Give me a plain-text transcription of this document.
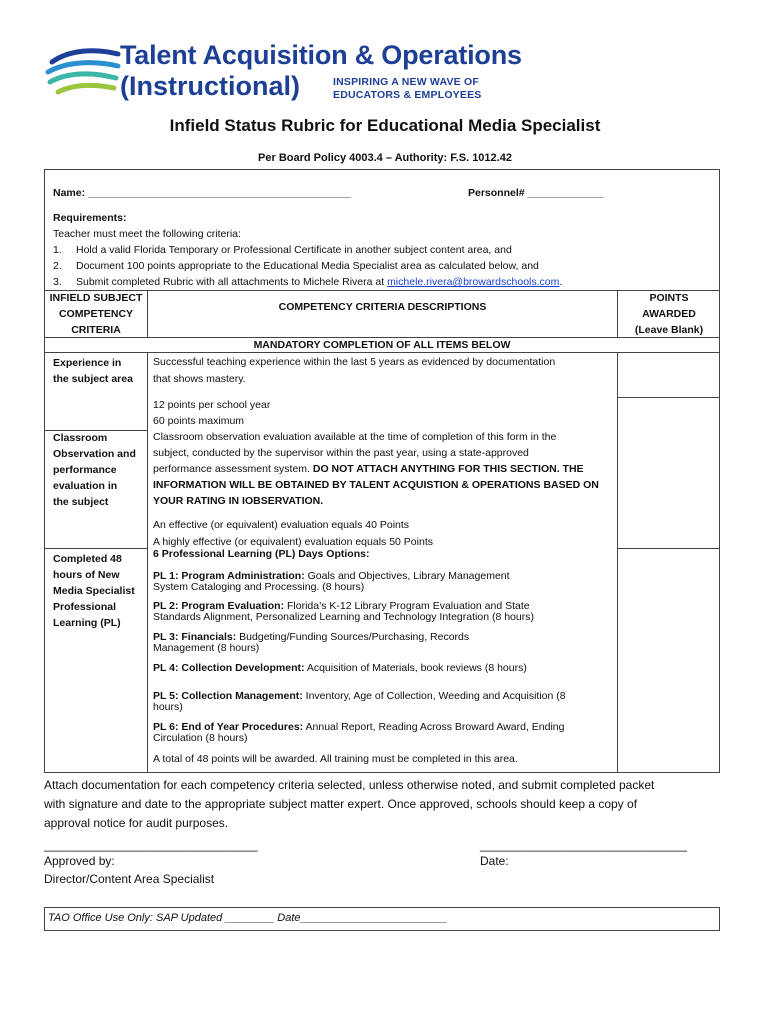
Talent Acquisition & Operations
(Instructional)	INSPIRING A NEW WAVE OF
EDUCATORS & EMPLOYEES
Infield Status Rubric for Educational Media Specialist
Per Board Policy 4003.4 – Authority: F.S. 1012.42
Name: _____________________________________________	Personnel# _____________
Requirements:
Teacher must meet the following criteria:
1. Hold a valid Florida Temporary or Professional Certificate in another subject content area, and
2. Document 100 points appropriate to the Educational Media Specialist area as calculated below, and
3. Submit completed Rubric with all attachments to Michele Rivera at michele.rivera@browardschools.com.
INFIELD SUBJECT
COMPETENCY
CRITERIA
COMPETENCY CRITERIA DESCRIPTIONS
POINTS
AWARDED
(Leave Blank)
MANDATORY COMPLETION OF ALL ITEMS BELOW
Experience in
the subject area
Successful teaching experience within the last 5 years as evidenced by documentation
that shows mastery.
12 points per school year
60 points maximum
Classroom
Observation and
performance
evaluation in
the subject
Classroom observation evaluation available at the time of completion of this form in the
subject, conducted by the supervisor within the past year, using a state-approved
performance assessment system. DO NOT ATTACH ANYTHING FOR THIS SECTION. THE
INFORMATION WILL BE OBTAINED BY TALENT ACQUISTION & OPERATIONS BASED ON
YOUR RATING IN IOBSERVATION.
An effective (or equivalent) evaluation equals 40 Points
A highly effective (or equivalent) evaluation equals 50 Points
Completed 48
hours of New
Media Specialist
Professional
Learning (PL)
6 Professional Learning (PL) Days Options:
PL 1: Program Administration: Goals and Objectives, Library Management
System Cataloging and Processing. (8 hours)
PL 2: Program Evaluation: Florida’s K-12 Library Program Evaluation and State
Standards Alignment, Personalized Learning and Technology Integration (8 hours)
PL 3: Financials: Budgeting/Funding Sources/Purchasing, Records
Management (8 hours)
PL 4: Collection Development: Acquisition of Materials, book reviews (8 hours)
PL 5: Collection Management: Inventory, Age of Collection, Weeding and Acquisition (8
hours)
PL 6: End of Year Procedures: Annual Report, Reading Across Broward Award, Ending
Circulation (8 hours)
A total of 48 points will be awarded. All training must be completed in this area.
Attach documentation for each competency criteria selected, unless otherwise noted, and submit completed packet
with signature and date to the appropriate subject matter expert. Once approved, schools should keep a copy of
approval notice for audit purposes.
________________________________	_______________________________
Approved by:	Date:
Director/Content Area Specialist
TAO Office Use Only: SAP Updated ________ Date________________________
